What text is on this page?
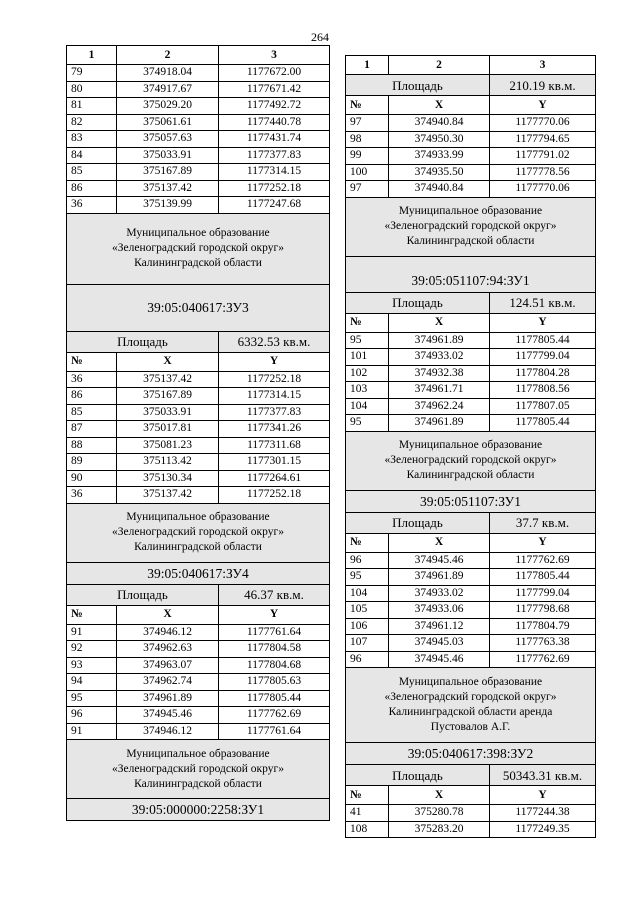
264
1	2	3
79	374918.04	1177672.00
80	374917.67	1177671.42
81	375029.20	1177492.72
82	375061.61	1177440.78
83	375057.63	1177431.74
84	375033.91	1177377.83
85	375167.89	1177314.15
86	375137.42	1177252.18
36	375139.99	1177247.68
Муниципальное образование
«Зеленоградский городской округ»
Калининградской области		
39:05:040617:ЗУ3		
Площадь		6332.53 кв.м.
№	X	Y
36	375137.42	1177252.18
86	375167.89	1177314.15
85	375033.91	1177377.83
87	375017.81	1177341.26
88	375081.23	1177311.68
89	375113.42	1177301.15
90	375130.34	1177264.61
36	375137.42	1177252.18
Муниципальное образование
«Зеленоградский городской округ»
Калининградской области		
39:05:040617:ЗУ4		
Площадь		46.37 кв.м.
№	X	Y
91	374946.12	1177761.64
92	374962.63	1177804.58
93	374963.07	1177804.68
94	374962.74	1177805.63
95	374961.89	1177805.44
96	374945.46	1177762.69
91	374946.12	1177761.64
Муниципальное образование
«Зеленоградский городской округ»
Калининградской области		
39:05:000000:2258:ЗУ1		
1	2	3
Площадь		210.19 кв.м.
№	X	Y
97	374940.84	1177770.06
98	374950.30	1177794.65
99	374933.99	1177791.02
100	374935.50	1177778.56
97	374940.84	1177770.06
Муниципальное образование
«Зеленоградский городской округ»
Калининградской области		
39:05:051107:94:ЗУ1		
Площадь		124.51 кв.м.
№	X	Y
95	374961.89	1177805.44
101	374933.02	1177799.04
102	374932.38	1177804.28
103	374961.71	1177808.56
104	374962.24	1177807.05
95	374961.89	1177805.44
Муниципальное образование
«Зеленоградский городской округ»
Калининградской области		
39:05:051107:ЗУ1		
Площадь		37.7 кв.м.
№	X	Y
96	374945.46	1177762.69
95	374961.89	1177805.44
104	374933.02	1177799.04
105	374933.06	1177798.68
106	374961.12	1177804.79
107	374945.03	1177763.38
96	374945.46	1177762.69
Муниципальное образование
«Зеленоградский городской округ»
Калининградской области аренда
Пустовалов А.Г.		
39:05:040617:398:ЗУ2		
Площадь		50343.31 кв.м.
№	X	Y
41	375280.78	1177244.38
108	375283.20	1177249.35
